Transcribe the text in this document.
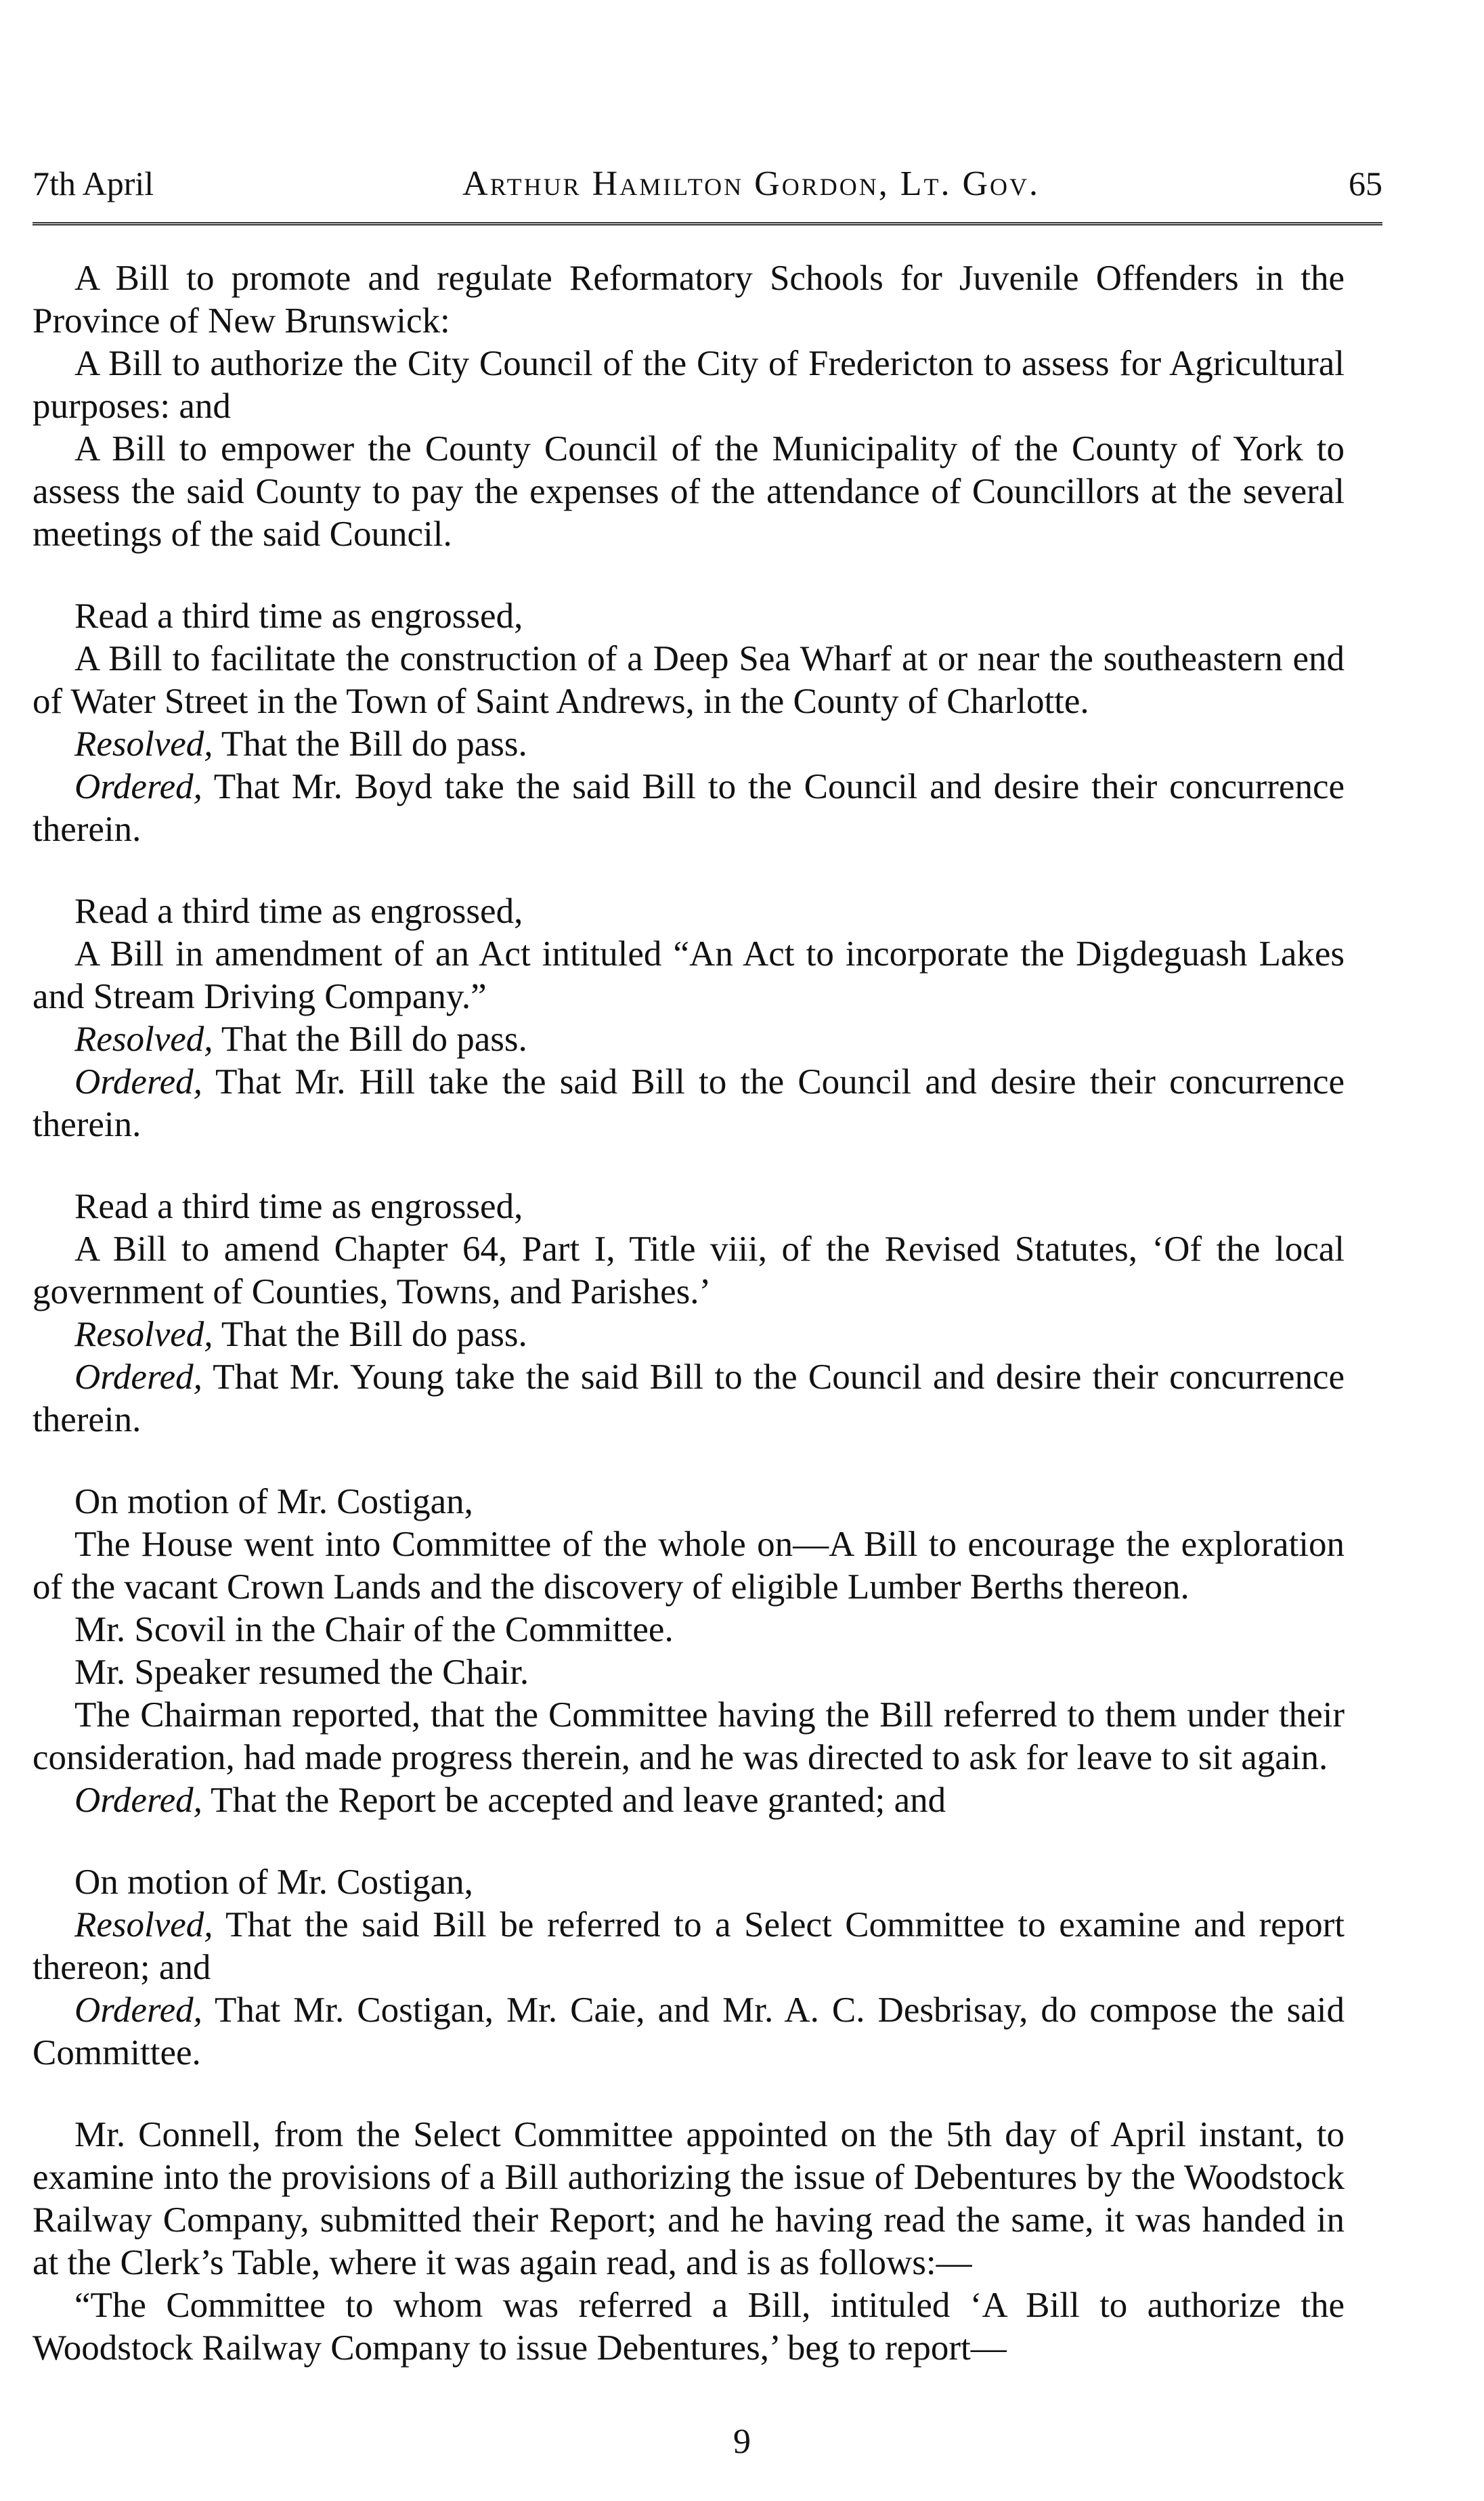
7th April	Arthur Hamilton Gordon, Lt. Gov.	65

A Bill to promote and regulate Reformatory Schools for Juvenile Offenders in the Province of New Brunswick:

A Bill to authorize the City Council of the City of Fredericton to assess for Agricultural purposes: and

A Bill to empower the County Council of the Municipality of the County of York to assess the said County to pay the expenses of the attendance of Councillors at the several meetings of the said Council.

Read a third time as engrossed,

A Bill to facilitate the construction of a Deep Sea Wharf at or near the southeastern end of Water Street in the Town of Saint Andrews, in the County of Charlotte.

Resolved, That the Bill do pass.

Ordered, That Mr. Boyd take the said Bill to the Council and desire their concurrence therein.

Read a third time as engrossed,

A Bill in amendment of an Act intituled “An Act to incorporate the Digdeguash Lakes and Stream Driving Company.”

Resolved, That the Bill do pass.

Ordered, That Mr. Hill take the said Bill to the Council and desire their concurrence therein.

Read a third time as engrossed,

A Bill to amend Chapter 64, Part I, Title viii, of the Revised Statutes, ‘Of the local government of Counties, Towns, and Parishes.’

Resolved, That the Bill do pass.

Ordered, That Mr. Young take the said Bill to the Council and desire their concurrence therein.

On motion of Mr. Costigan,

The House went into Committee of the whole on—A Bill to encourage the exploration of the vacant Crown Lands and the discovery of eligible Lumber Berths thereon.

Mr. Scovil in the Chair of the Committee.

Mr. Speaker resumed the Chair.

The Chairman reported, that the Committee having the Bill referred to them under their consideration, had made progress therein, and he was directed to ask for leave to sit again.

Ordered, That the Report be accepted and leave granted; and

On motion of Mr. Costigan,

Resolved, That the said Bill be referred to a Select Committee to examine and report thereon; and

Ordered, That Mr. Costigan, Mr. Caie, and Mr. A. C. Desbrisay, do compose the said Committee.

Mr. Connell, from the Select Committee appointed on the 5th day of April instant, to examine into the provisions of a Bill authorizing the issue of Debentures by the Woodstock Railway Company, submitted their Report; and he having read the same, it was handed in at the Clerk’s Table, where it was again read, and is as follows:—

“The Committee to whom was referred a Bill, intituled ‘A Bill to authorize the Woodstock Railway Company to issue Debentures,’ beg to report—

9
